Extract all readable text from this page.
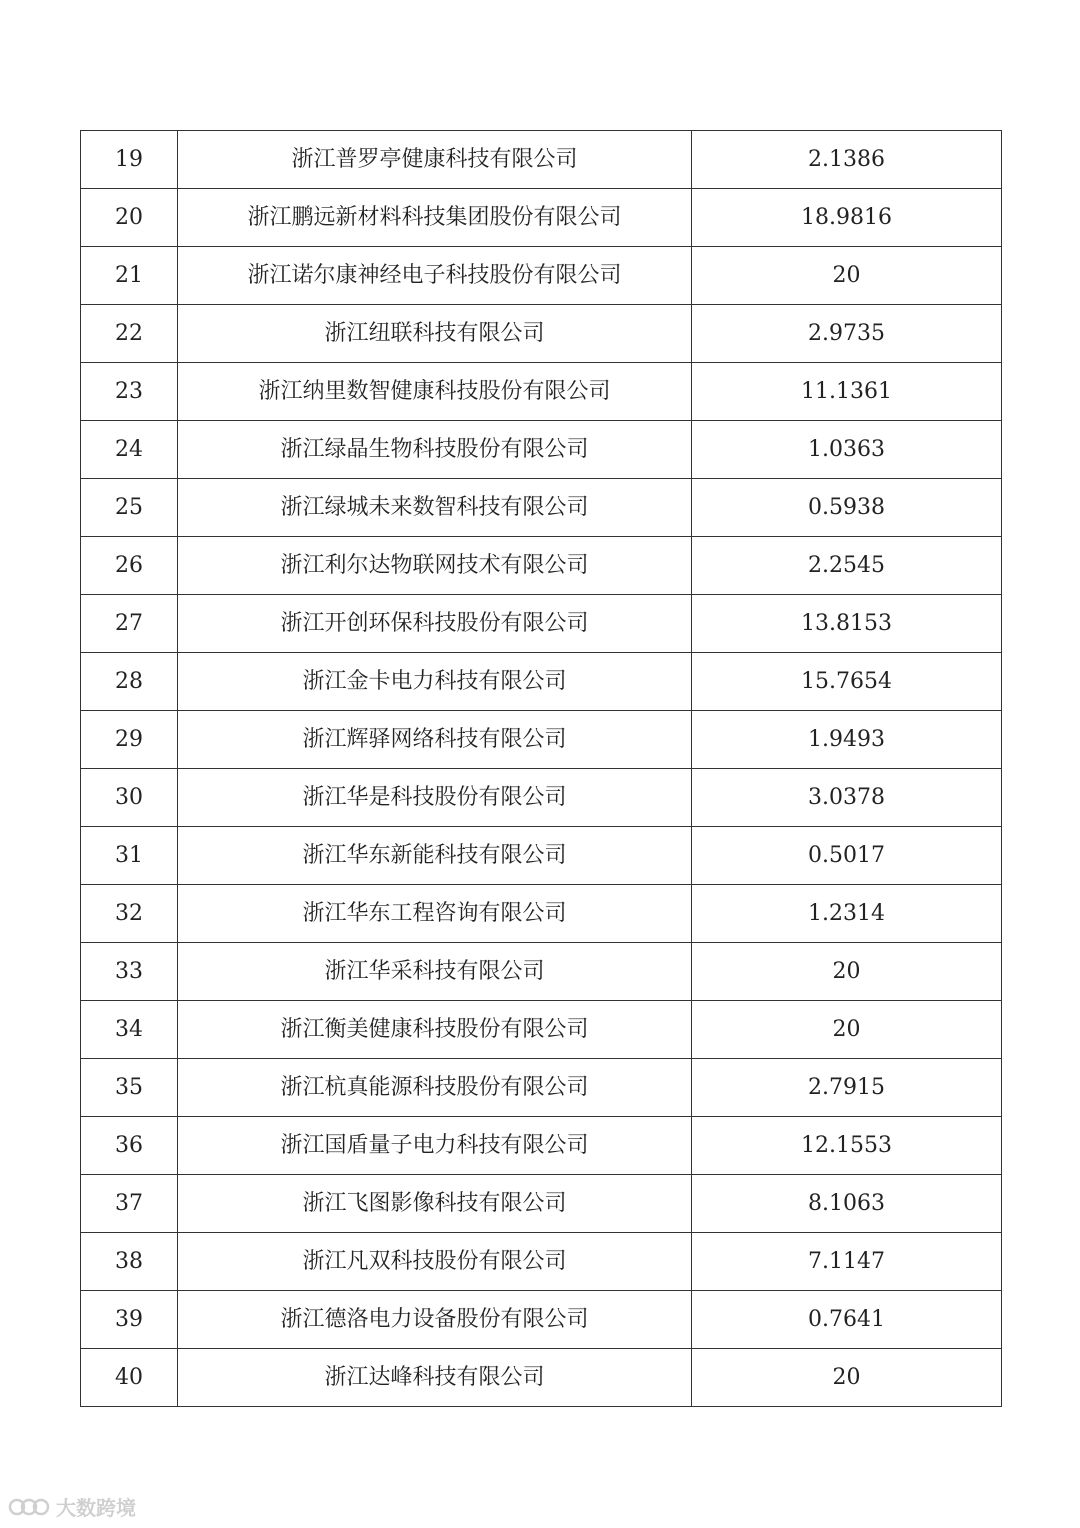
19	浙江普罗亭健康科技有限公司	2.1386
20	浙江鹏远新材料科技集团股份有限公司	18.9816
21	浙江诺尔康神经电子科技股份有限公司	20
22	浙江纽联科技有限公司	2.9735
23	浙江纳里数智健康科技股份有限公司	11.1361
24	浙江绿晶生物科技股份有限公司	1.0363
25	浙江绿城未来数智科技有限公司	0.5938
26	浙江利尔达物联网技术有限公司	2.2545
27	浙江开创环保科技股份有限公司	13.8153
28	浙江金卡电力科技有限公司	15.7654
29	浙江辉驿网络科技有限公司	1.9493
30	浙江华是科技股份有限公司	3.0378
31	浙江华东新能科技有限公司	0.5017
32	浙江华东工程咨询有限公司	1.2314
33	浙江华采科技有限公司	20
34	浙江衡美健康科技股份有限公司	20
35	浙江杭真能源科技股份有限公司	2.7915
36	浙江国盾量子电力科技有限公司	12.1553
37	浙江飞图影像科技有限公司	8.1063
38	浙江凡双科技股份有限公司	7.1147
39	浙江德洛电力设备股份有限公司	0.7641
40	浙江达峰科技有限公司	20
大数跨境
